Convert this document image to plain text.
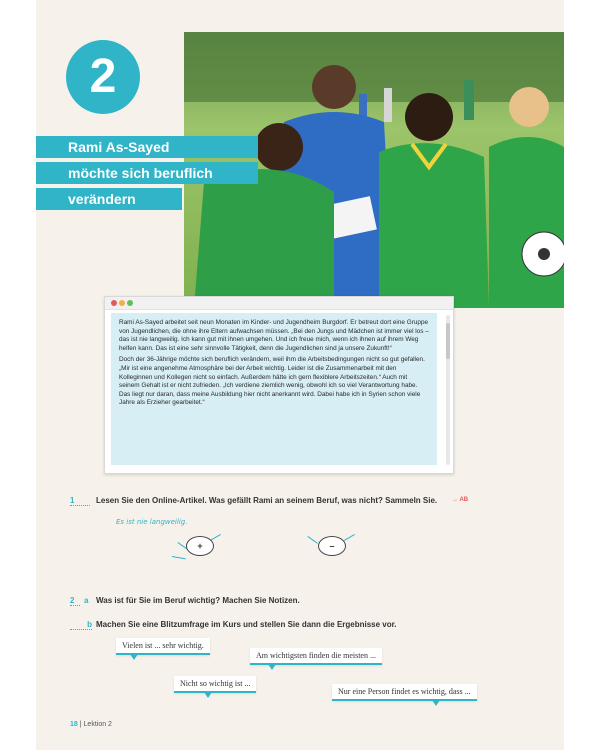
2
Rami As-Sayed
möchte sich beruflich
verändern

Rami As-Sayed arbeitet seit neun Monaten im Kinder- und Jugendheim Burgdorf. Er betreut dort eine Gruppe von Jugendlichen, die ohne ihre Eltern aufwachsen müssen. „Bei den Jungs und Mädchen ist immer viel los – das ist nie langweilig. Ich kann gut mit ihnen umgehen. Und ich freue mich, wenn ich ihnen auf ihrem Weg helfen kann. Das ist eine sehr sinnvolle Tätigkeit, denn die Jugendlichen sind ja unsere Zukunft!“

Doch der 36-Jährige möchte sich beruflich verändern, weil ihm die Arbeitsbedingungen nicht so gut gefallen. „Mir ist eine angenehme Atmosphäre bei der Arbeit wichtig. Leider ist die Zusammenarbeit mit den Kolleginnen und Kollegen nicht so einfach. Außerdem hätte ich gern flexiblere Arbeitszeiten.“ Auch mit seinem Gehalt ist er nicht zufrieden. „Ich verdiene ziemlich wenig, obwohl ich so viel Verantwortung habe. Das liegt nur daran, dass meine Ausbildung hier nicht anerkannt wird. Dabei habe ich in Syrien schon viele Jahre als Erzieher gearbeitet.“

1	Lesen Sie den Online-Artikel. Was gefällt Rami an seinem Beruf, was nicht? Sammeln Sie. → AB
Es ist nie langweilig.
+	–
2	a Was ist für Sie im Beruf wichtig? Machen Sie Notizen.
b Machen Sie eine Blitzumfrage im Kurs und stellen Sie dann die Ergebnisse vor.
Vielen ist ... sehr wichtig.
Am wichtigsten finden die meisten ...
Nicht so wichtig ist ...
Nur eine Person findet es wichtig, dass ...
18 | Lektion 2
